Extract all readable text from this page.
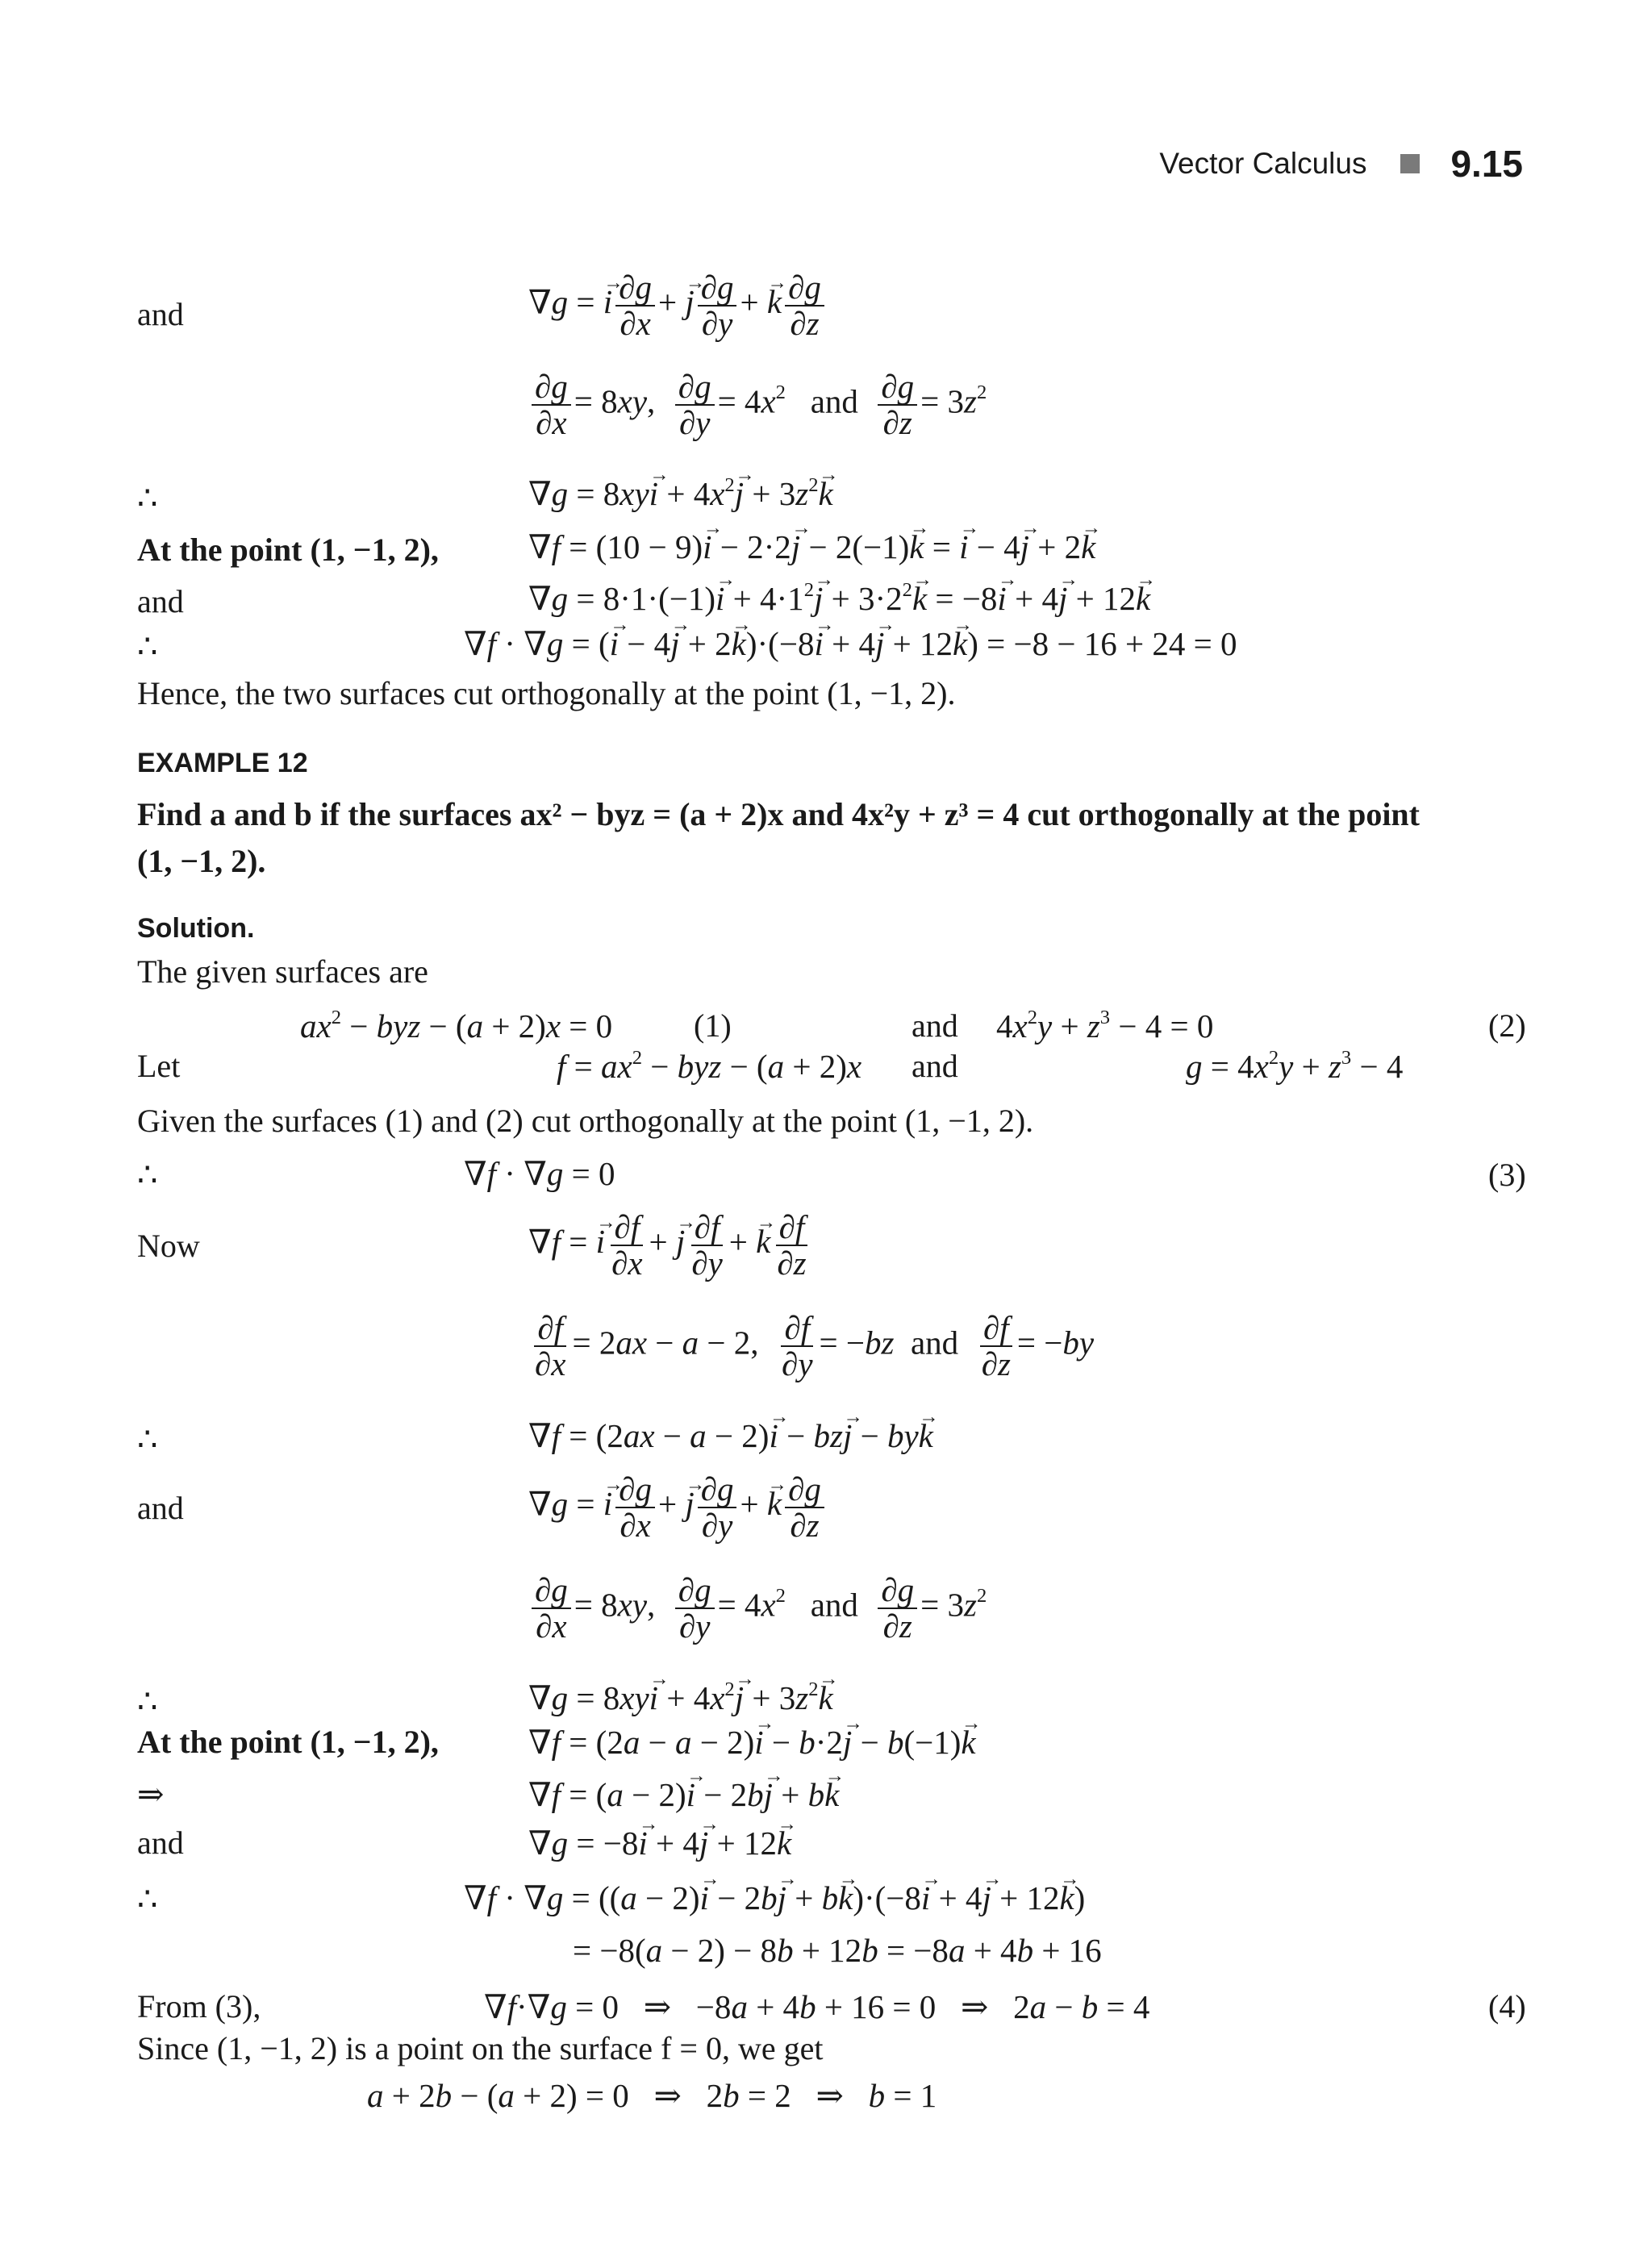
Vector Calculus 9.15
and	∇g = → i $\frac{\partial g}{\partial x}$ + → j $\frac{\partial g}{\partial y}$ + → k $\frac{\partial g}{\partial z}$
$\frac{\partial g}{\partial x} = 8xy$, $\frac{\partial g}{\partial y} = 4x^2$   and $\frac{\partial g}{\partial z} = 3z^2$
∴	$\nabla g = 8xy\to i + 4x^2\to j + 3z^2\to k$
At the point (1, −1, 2),	∇f = (10 − 9)→ i − 2·2→ j − 2(−1)→ k = → i − 4→ j + 2→ k
and	$\nabla g = 8\cdot 1\cdot(-1)\to i + 4\cdot 1^2\to j + 3\cdot 2^2\to k = -8\to i + 4\to j + 12\to k$
∴	∇f · ∇g = (→ i − 4→ j + 2→ k)·(−8→ i + 4→ j + 12→ k) = −8 − 16 + 24 = 0
Hence, the two surfaces cut orthogonally at the point (1, −1, 2).
EXAMPLE 12
Find a and b if the surfaces ax² − byz = (a + 2)x and 4x²y + z³ = 4 cut orthogonally at the point
(1, −1, 2).
Solution.
The given surfaces are
$ax^2$ − byz − (a + 2)x = 0	(1)	and $4x^2y + z^3 - 4 = 0$	(2)
Let	$f = ax^2$ − byz − (a + 2)x and	$g = 4x^2y + z^3 - 4$
Given the surfaces (1) and (2) cut orthogonally at the point (1, −1, 2).
∴	∇f · ∇g = 0	(3)
Now	∇f = → i $\frac{\partial f}{\partial x}$ + → j $\frac{\partial f}{\partial y}$ + → k $\frac{\partial f}{\partial z}$
$\frac{\partial f}{\partial x} = 2ax - a - 2$, $\frac{\partial f}{\partial y} = -bz$  and $\frac{\partial f}{\partial z} = -by$
∴	∇f = (2ax − a − 2)→ i − bz→ j − by→ k
and	∇g = → i $\frac{\partial g}{\partial x}$ + → j $\frac{\partial g}{\partial y}$ + → k $\frac{\partial g}{\partial z}$
$\frac{\partial g}{\partial x} = 8xy$, $\frac{\partial g}{\partial y} = 4x^2$   and $\frac{\partial g}{\partial z} = 3z^2$
∴	$\nabla g = 8xy\to i + 4x^2\to j + 3z^2\to k$
At the point (1, −1, 2),	∇f = (2a − a − 2)→ i − b·2→ j − b(−1)→ k
⇒	∇f = (a − 2)→ i − 2b→ j + b→ k
and	∇g = −8→ i + 4→ j + 12→ k
∴	∇f · ∇g = ((a − 2)→ i − 2b→ j + b→ k)·(−8→ i + 4→ j + 12→ k)
= −8(a − 2) − 8b + 12b = −8a + 4b + 16
From (3),	∇f·∇g = 0   ⇒   −8a + 4b + 16 = 0   ⇒   2a − b = 4	(4)
Since (1, −1, 2) is a point on the surface f = 0, we get
a + 2b − (a + 2) = 0   ⇒   2b = 2   ⇒   b = 1
